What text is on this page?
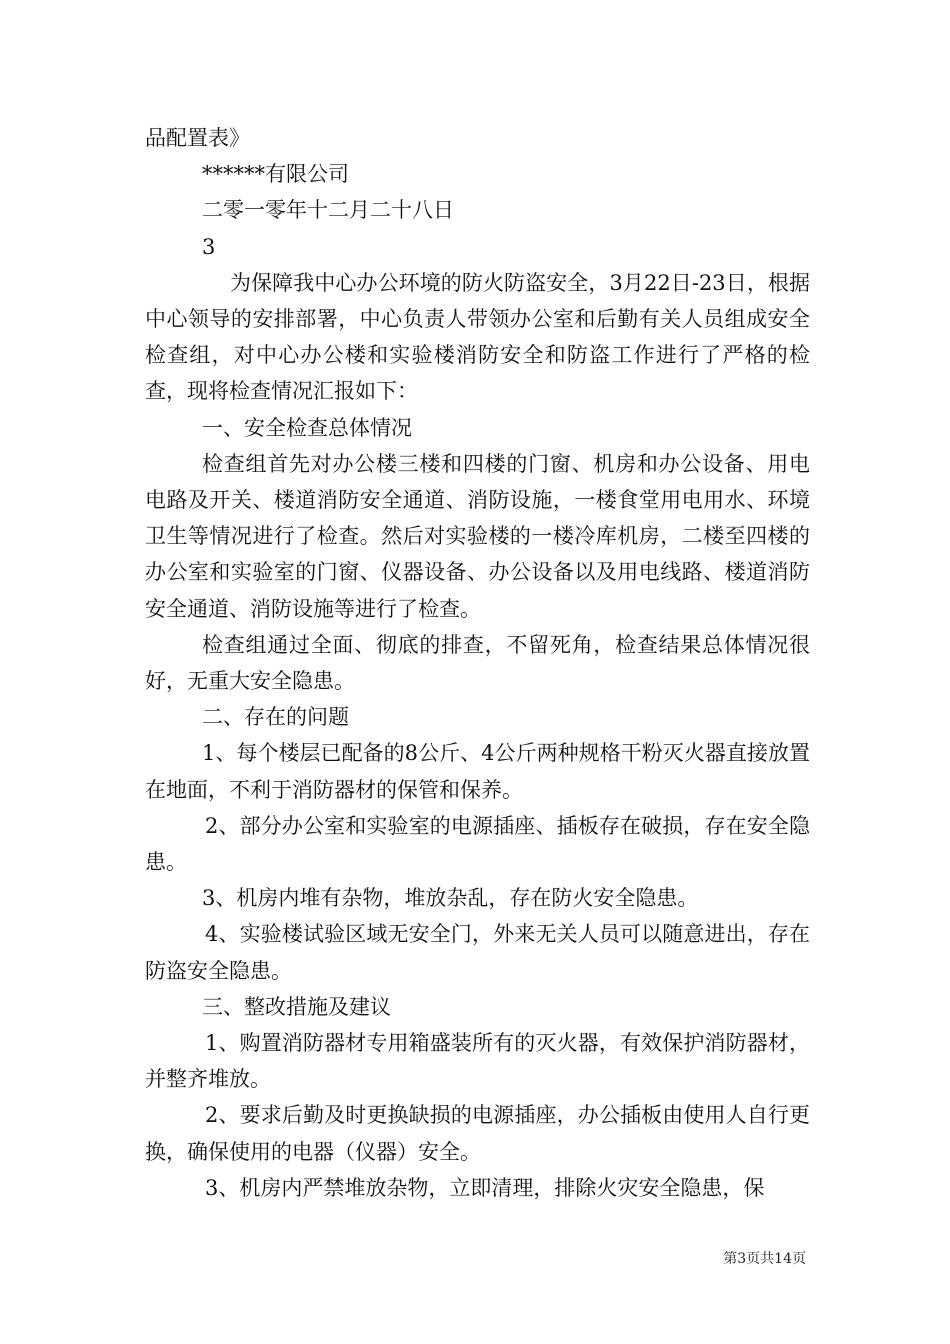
品配置表》

******有限公司

二零一零年十二月二十八日

3

为保障我中心办公环境的防火防盗安全，3月22日-23日，根据中心领导的安排部署，中心负责人带领办公室和后勤有关人员组成安全检查组，对中心办公楼和实验楼消防安全和防盗工作进行了严格的检查，现将检查情况汇报如下：

一、安全检查总体情况

检查组首先对办公楼三楼和四楼的门窗、机房和办公设备、用电电路及开关、楼道消防安全通道、消防设施，一楼食堂用电用水、环境卫生等情况进行了检查。然后对实验楼的一楼冷库机房，二楼至四楼的办公室和实验室的门窗、仪器设备、办公设备以及用电线路、楼道消防安全通道、消防设施等进行了检查。

检查组通过全面、彻底的排查，不留死角，检查结果总体情况很好，无重大安全隐患。

二、存在的问题

1、每个楼层已配备的8公斤、4公斤两种规格干粉灭火器直接放置在地面，不利于消防器材的保管和保养。

2、部分办公室和实验室的电源插座、插板存在破损，存在安全隐患。

3、机房内堆有杂物，堆放杂乱，存在防火安全隐患。

4、实验楼试验区域无安全门，外来无关人员可以随意进出，存在防盗安全隐患。

三、整改措施及建议

1、购置消防器材专用箱盛装所有的灭火器，有效保护消防器材，并整齐堆放。

2、要求后勤及时更换缺损的电源插座，办公插板由使用人自行更换，确保使用的电器（仪器）安全。

3、机房内严禁堆放杂物，立即清理，排除火灾安全隐患，保

第3页共14页
